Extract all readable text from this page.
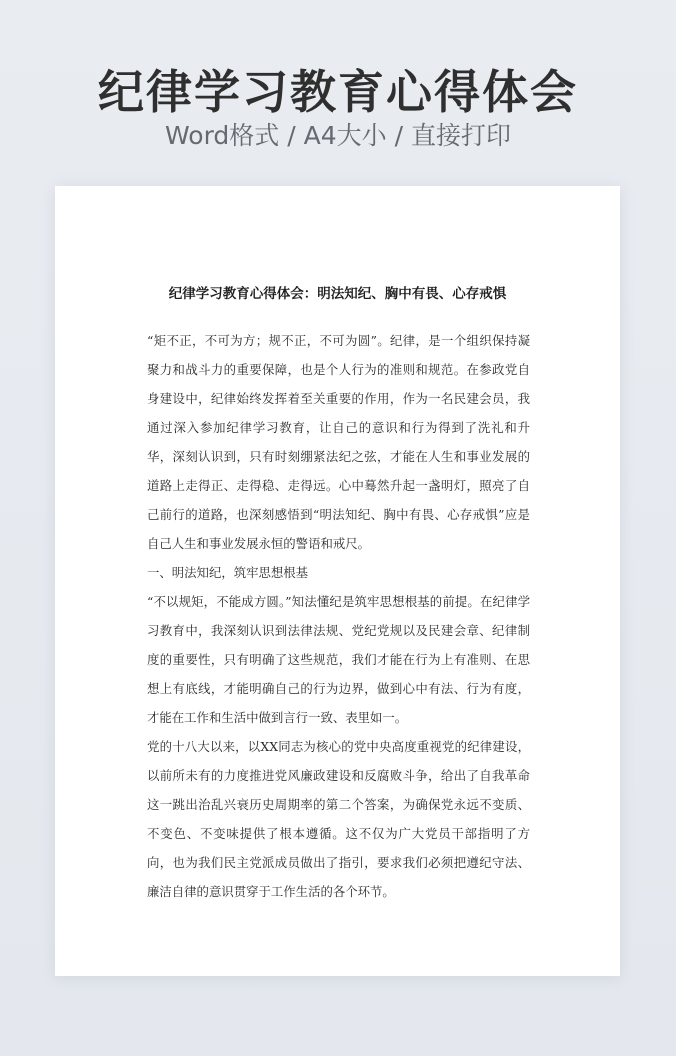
纪律学习教育心得体会
Word格式 / A4大小 / 直接打印
纪律学习教育心得体会：明法知纪、胸中有畏、心存戒惧

“矩不正，不可为方；规不正，不可为圆”。纪律，是一个组织保持凝聚力和战斗力的重要保障，也是个人行为的准则和规范。在参政党自身建设中，纪律始终发挥着至关重要的作用，作为一名民建会员，我通过深入参加纪律学习教育，让自己的意识和行为得到了洗礼和升华，深刻认识到，只有时刻绷紧法纪之弦，才能在人生和事业发展的道路上走得正、走得稳、走得远。心中蓦然升起一盏明灯，照亮了自己前行的道路，也深刻感悟到“明法知纪、胸中有畏、心存戒惧”应是自己人生和事业发展永恒的警语和戒尺。

一、明法知纪，筑牢思想根基

“不以规矩，不能成方圆。”知法懂纪是筑牢思想根基的前提。在纪律学习教育中，我深刻认识到法律法规、党纪党规以及民建会章、纪律制度的重要性，只有明确了这些规范，我们才能在行为上有准则、在思想上有底线，才能明确自己的行为边界，做到心中有法、行为有度，才能在工作和生活中做到言行一致、表里如一。

党的十八大以来，以XX同志为核心的党中央高度重视党的纪律建设，以前所未有的力度推进党风廉政建设和反腐败斗争，给出了自我革命这一跳出治乱兴衰历史周期率的第二个答案，为确保党永远不变质、不变色、不变味提供了根本遵循。这不仅为广大党员干部指明了方向，也为我们民主党派成员做出了指引，要求我们必须把遵纪守法、廉洁自律的意识贯穿于工作生活的各个环节。
